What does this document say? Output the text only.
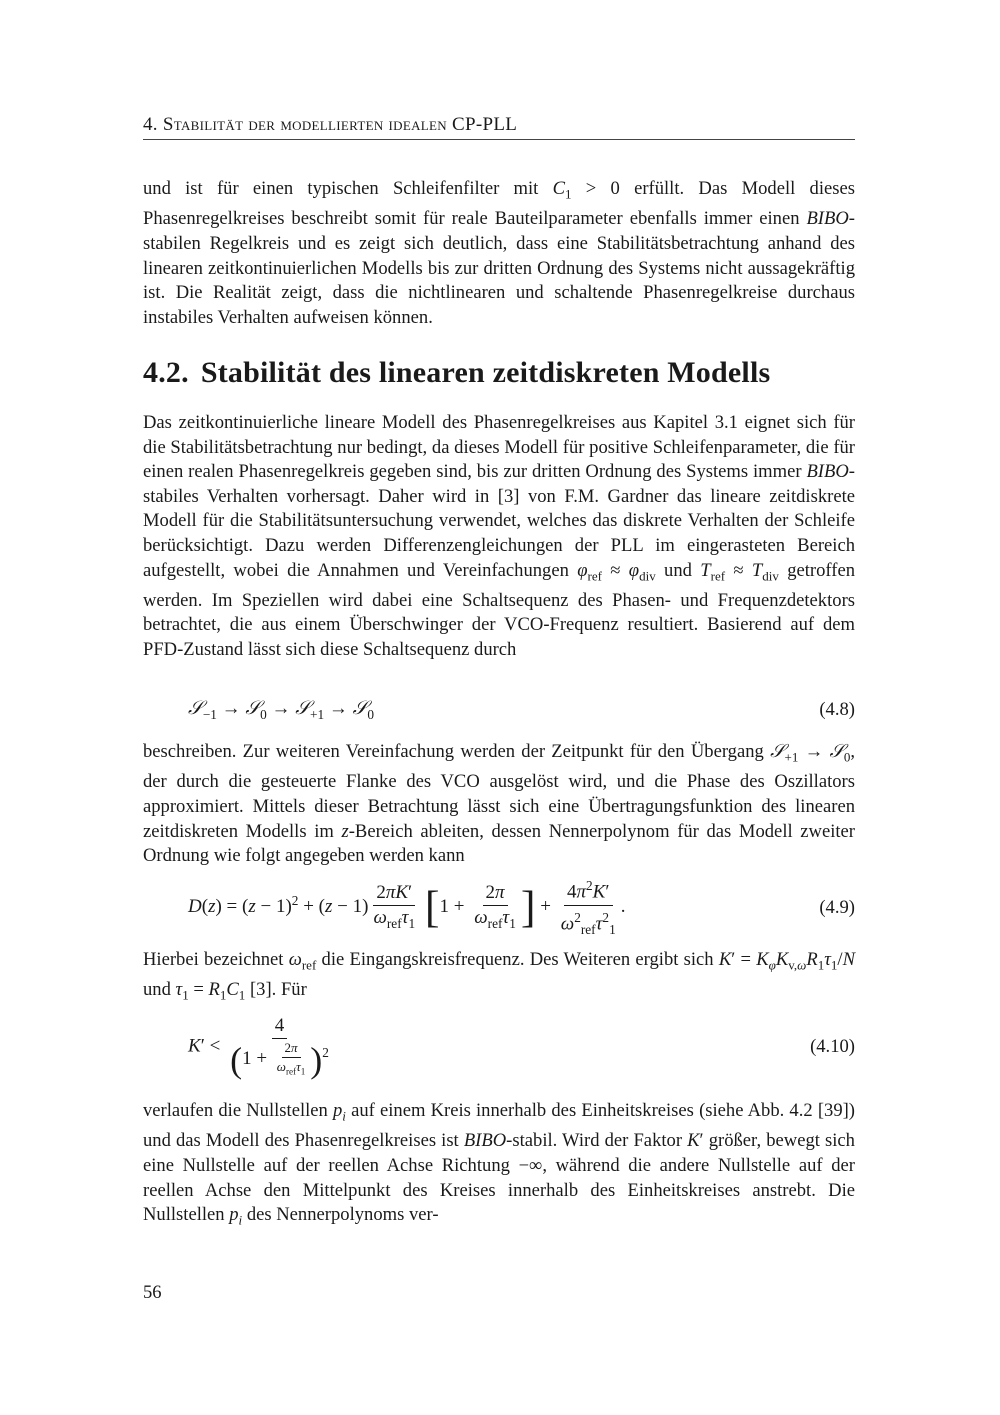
4. Stabilität der modellierten idealen CP-PLL
und ist für einen typischen Schleifenfilter mit $C_1 > 0$ erfüllt. Das Modell dieses Phasenregelkreises beschreibt somit für reale Bauteilparameter ebenfalls immer einen BIBO-stabilen Regelkreis und es zeigt sich deutlich, dass eine Stabilitätsbetrachtung anhand des linearen zeitkontinuierlichen Modells bis zur dritten Ordnung des Systems nicht aussagekräftig ist. Die Realität zeigt, dass die nichtlinearen und schaltende Phasenregelkreise durchaus instabiles Verhalten aufweisen können.
4.2. Stabilität des linearen zeitdiskreten Modells
Das zeitkontinuierliche lineare Modell des Phasenregelkreises aus Kapitel 3.1 eignet sich für die Stabilitätsbetrachtung nur bedingt, da dieses Modell für positive Schleifenparameter, die für einen realen Phasenregelkreis gegeben sind, bis zur dritten Ordnung des Systems immer BIBO-stabiles Verhalten vorhersagt. Daher wird in [3] von F.M. Gardner das lineare zeitdiskrete Modell für die Stabilitätsuntersuchung verwendet, welches das diskrete Verhalten der Schleife berücksichtigt. Dazu werden Differenzengleichungen der PLL im eingerasteten Bereich aufgestellt, wobei die Annahmen und Vereinfachungen $\varphi_{ref} \approx \varphi_{div}$ und $T_{ref} \approx T_{div}$ getroffen werden. Im Speziellen wird dabei eine Schaltsequenz des Phasen- und Frequenzdetektors betrachtet, die aus einem Überschwinger der VCO-Frequenz resultiert. Basierend auf dem PFD-Zustand lässt sich diese Schaltsequenz durch
𝒮$_{-1}$ → 𝒮$_0$ → 𝒮$_{+1}$ → 𝒮$_0$	(4.8)
beschreiben. Zur weiteren Vereinfachung werden der Zeitpunkt für den Übergang 𝒮$_{+1}$ → 𝒮$_0$, der durch die gesteuerte Flanke des VCO ausgelöst wird, und die Phase des Oszillators approximiert. Mittels dieser Betrachtung lässt sich eine Übertragungsfunktion des linearen zeitdiskreten Modells im z-Bereich ableiten, dessen Nennerpolynom für das Modell zweiter Ordnung wie folgt angegeben werden kann
$D(z) = (z - 1)^2 + (z - 1) \frac{2\pi K'}{\omega_{ref}\tau_1} [1 + \frac{2\pi}{\omega_{ref}\tau_1}$ ] + $\frac{4\pi^2K'}{\omega^2_{ref}\tau^2_1}$ .	(4.9)
Hierbei bezeichnet $\omega_{ref}$ die Eingangskreisfrequenz. Des Weiteren ergibt sich $K' = K_\varphi K_{v,\omega}R_1\tau_1/N$ und $\tau_1 = R_1C_1$ [3]. Für
$K' < \frac{4}{(1 + \frac{2\pi}{\omega_{ref}\tau_1} )^2}$	(4.10)
verlaufen die Nullstellen $p_i$ auf einem Kreis innerhalb des Einheitskreises (siehe Abb. 4.2 [39]) und das Modell des Phasenregelkreises ist BIBO-stabil. Wird der Faktor K′ größer, bewegt sich eine Nullstelle auf der reellen Achse Richtung −∞, während die andere Nullstelle auf der reellen Achse den Mittelpunkt des Kreises innerhalb des Einheitskreises anstrebt. Die Nullstellen $p_i$ des Nennerpolynoms ver-
56
